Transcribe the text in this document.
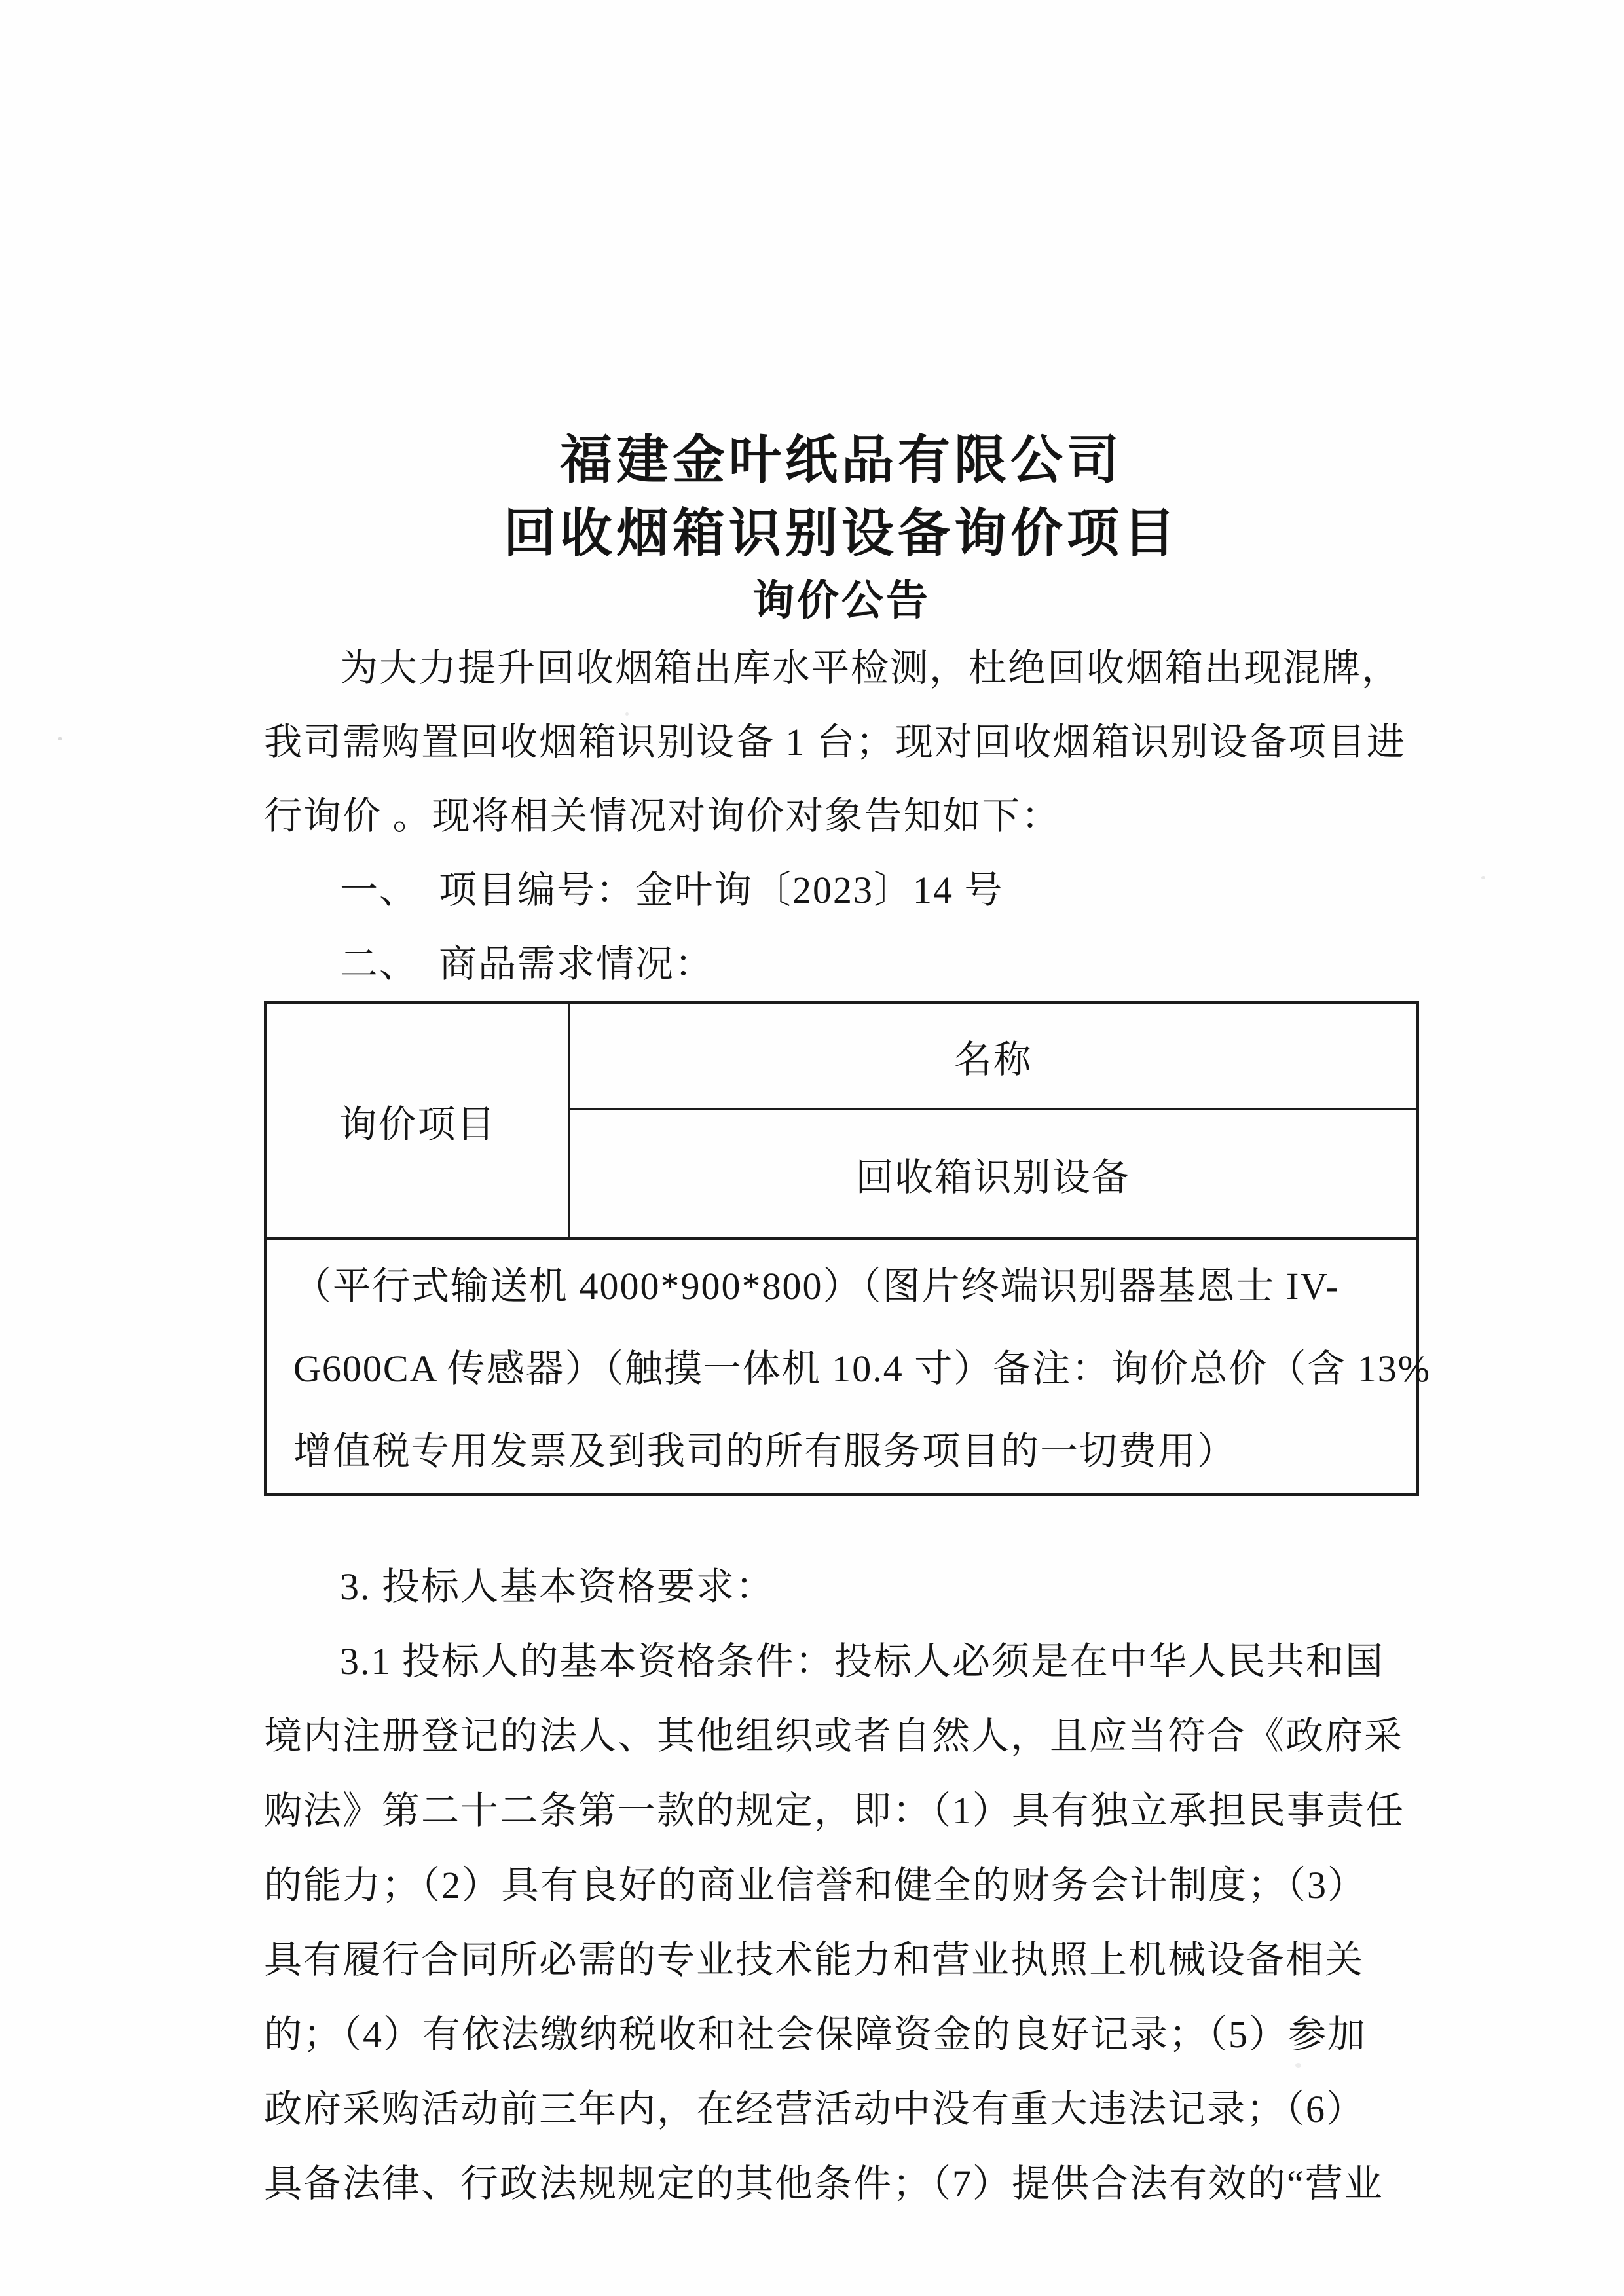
福建金叶纸品有限公司
回收烟箱识别设备询价项目
询价公告
为大力提升回收烟箱出库水平检测，杜绝回收烟箱出现混牌，
我司需购置回收烟箱识别设备 1 台；现对回收烟箱识别设备项目进
行询价 。现将相关情况对询价对象告知如下：
一、　项目编号：金叶询〔2023〕14 号
二、　商品需求情况：
询价项目	名称
回收箱识别设备

（平行式输送机 4000*900*800）（图片终端识别器基恩士 IV-
G600CA 传感器）（触摸一体机 10.4 寸）备注：询价总价（含 13%
增值税专用发票及到我司的所有服务项目的一切费用）
3. 投标人基本资格要求：
3.1 投标人的基本资格条件：投标人必须是在中华人民共和国
境内注册登记的法人、其他组织或者自然人，且应当符合《政府采
购法》第二十二条第一款的规定，即：（1）具有独立承担民事责任
的能力；（2）具有良好的商业信誉和健全的财务会计制度；（3）
具有履行合同所必需的专业技术能力和营业执照上机械设备相关
的；（4）有依法缴纳税收和社会保障资金的良好记录；（5）参加
政府采购活动前三年内，在经营活动中没有重大违法记录；（6）
具备法律、行政法规规定的其他条件；（7）提供合法有效的“营业
